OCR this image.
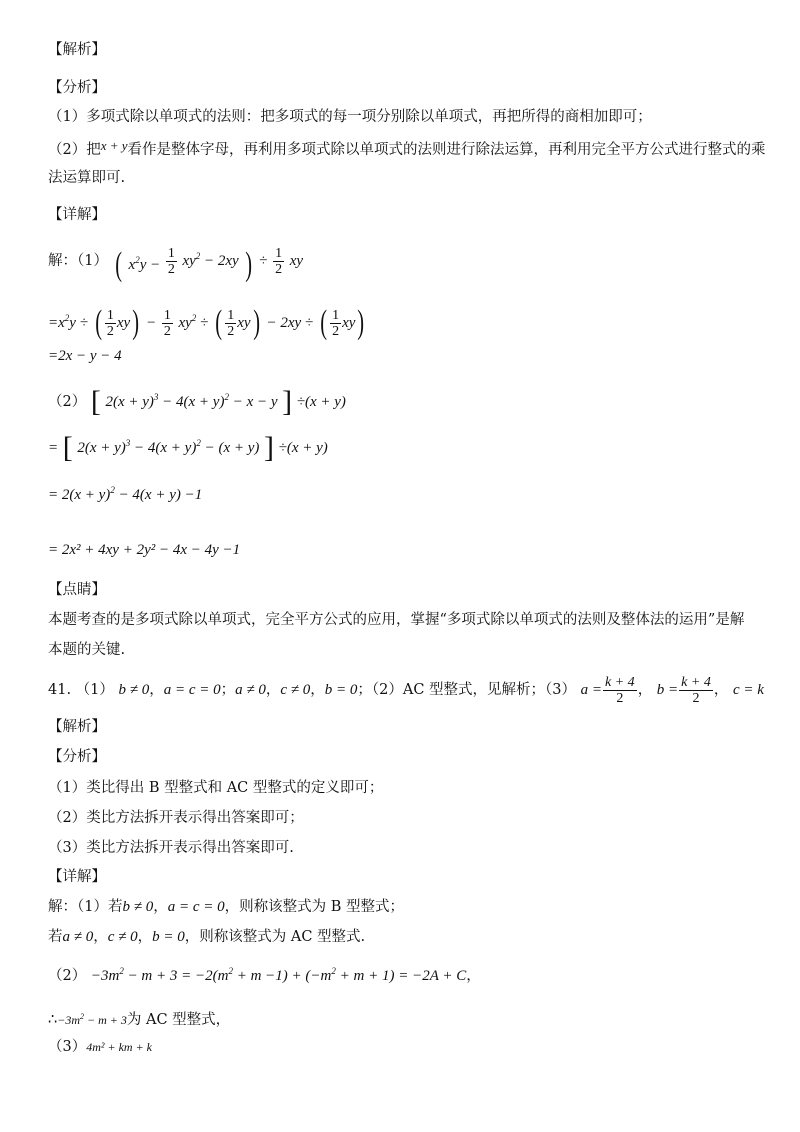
【解析】
【分析】
（1）多项式除以单项式的法则：把多项式的每一项分别除以单项式，再把所得的商相加即可；
（2）把x + y看作是整体字母，再利用多项式除以单项式的法则进行除法运算，再利用完全平方公式进行整式的乘
法运算即可.
【详解】
解：（1） ( $x^2y - \frac{1}{2} xy^2 - 2xy$ ) ÷ $\frac{1}{2}$ xy
$=x^2y$ ÷ ( $\frac{1}{2} xy) - \frac{1}{2} xy^2$ ÷ ( $\frac{1}{2} xy) - 2xy$ ÷ ( $\frac{1}{2} xy$)
=2x − y − 4
（2） [ $2(x + y)^3 - 4(x + y)^2 - x - y$ ] ÷(x + y)
= [ $2(x + y)^3 - 4(x + y)^2 - (x + y)$ ] ÷(x + y)
= $2(x + y)^2 - 4(x + y) -1$
= 2x² + 4xy + 2y² − 4x − 4y −1
【点睛】
本题考查的是多项式除以单项式，完全平方公式的应用，掌握“多项式除以单项式的法则及整体法的运用”是解
本题的关键.
41. （1） b ≠ 0，a = c = 0；a ≠ 0，c ≠ 0，b = 0；（2）AC 型整式，见解析；（3） $a = \frac{k + 4}{2}$ ， $b = \frac{k + 4}{2}$ ， c = k
【解析】
【分析】
（1）类比得出 B 型整式和 AC 型整式的定义即可；
（2）类比方法拆开表示得出答案即可；
（3）类比方法拆开表示得出答案即可.
【详解】
解：（1）若b ≠ 0，a = c = 0，则称该整式为 B 型整式；
若a ≠ 0，c ≠ 0，b = 0，则称该整式为 AC 型整式.
$(2) -3m^2 - m + 3 = -2(m^2 + m -1) + (-m^2 + m + 1) = -2A + C$，
$\therefore-3m^2 - m + 3$为 AC 型整式，
（3）4m² + km + k
